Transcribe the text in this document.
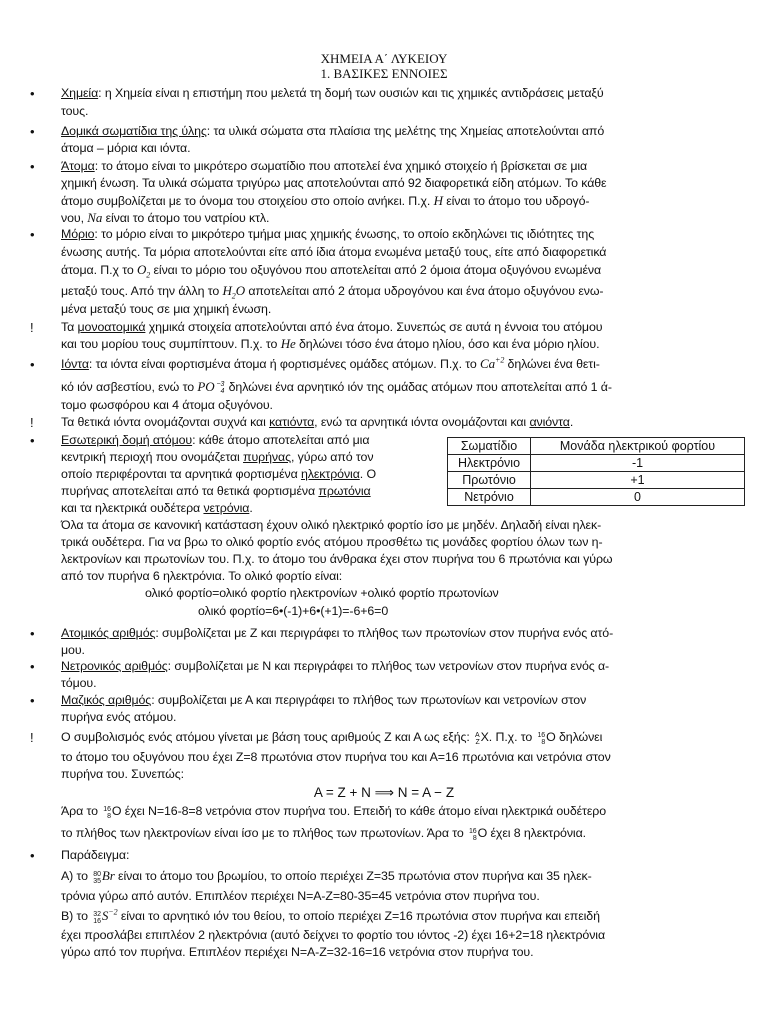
ΧΗΜΕΙΑ Α΄ ΛΥΚΕΙΟΥ
1. ΒΑΣΙΚΕΣ ΕΝΝΟΙΕΣ
• Χημεία: η Χημεία είναι η επιστήμη που μελετά τη δομή των ουσιών και τις χημικές αντιδράσεις μεταξύ
τους.
• Δομικά σωματίδια της ύλης: τα υλικά σώματα στα πλαίσια της μελέτης της Χημείας αποτελούνται από
άτομα – μόρια και ιόντα.
• Άτομα: το άτομο είναι το μικρότερο σωματίδιο που αποτελεί ένα χημικό στοιχείο ή βρίσκεται σε μια
χημική ένωση. Τα υλικά σώματα τριγύρω μας αποτελούνται από 92 διαφορετικά είδη ατόμων. Το κάθε
άτομο συμβολίζεται με το όνομα του στοιχείου στο οποίο ανήκει. Π.χ. H είναι το άτομο του υδρογό-
νου, Na είναι το άτομο του νατρίου κτλ.
• Μόριο: το μόριο είναι το μικρότερο τμήμα μιας χημικής ένωσης, το οποίο εκδηλώνει τις ιδιότητες της
ένωσης αυτής. Τα μόρια αποτελούνται είτε από ίδια άτομα ενωμένα μεταξύ τους, είτε από διαφορετικά
άτομα. Π.χ το $O_2$ είναι το μόριο του οξυγόνου που αποτελείται από 2 όμοια άτομα οξυγόνου ενωμένα
μεταξύ τους. Από την άλλη το $H_2O$ αποτελείται από 2 άτομα υδρογόνου και ένα άτομο οξυγόνου ενω-
μένα μεταξύ τους σε μια χημική ένωση.
! Τα μονοατομικά χημικά στοιχεία αποτελούνται από ένα άτομο. Συνεπώς σε αυτά η έννοια του ατόμου
και του μορίου τους συμπίπτουν. Π.χ. το He δηλώνει τόσο ένα άτομο ηλίου, όσο και ένα μόριο ηλίου.
• Ιόντα: τα ιόντα είναι φορτισμένα άτομα ή φορτισμένες ομάδες ατόμων. Π.χ. το $Ca^{+2}$ δηλώνει ένα θετι-
κό ιόν ασβεστίου, ενώ το PO −3
4 δηλώνει ένα αρνητικό ιόν της ομάδας ατόμων που αποτελείται από 1 ά-
τομο φωσφόρου και 4 άτομα οξυγόνου.
! Τα θετικά ιόντα ονομάζονται συχνά και κατιόντα, ενώ τα αρνητικά ιόντα ονομάζονται και ανιόντα.
• Εσωτερική δομή ατόμου: κάθε άτομο αποτελείται από μια
κεντρική περιοχή που ονομάζεται πυρήνας, γύρω από τον
οποίο περιφέρονται τα αρνητικά φορτισμένα ηλεκτρόνια. Ο
πυρήνας αποτελείται από τα θετικά φορτισμένα πρωτόνια
και τα ηλεκτρικά ουδέτερα νετρόνια.
Σωματίδιο	Μονάδα ηλεκτρικού φορτίου
Ηλεκτρόνιο	-1
Πρωτόνιο	+1
Νετρόνιο	0
Όλα τα άτομα σε κανονική κατάσταση έχουν ολικό ηλεκτρικό φορτίο ίσο με μηδέν. Δηλαδή είναι ηλεκ-
τρικά ουδέτερα. Για να βρω το ολικό φορτίο ενός ατόμου προσθέτω τις μονάδες φορτίου όλων των η-
λεκτρονίων και πρωτονίων του. Π.χ. το άτομο του άνθρακα έχει στον πυρήνα του 6 πρωτόνια και γύρω
από τον πυρήνα 6 ηλεκτρόνια. Το ολικό φορτίο είναι:
ολικό φορτίο=ολικό φορτίο ηλεκτρονίων +ολικό φορτίο πρωτονίων
ολικό φορτίο=6•(-1)+6•(+1)=-6+6=0
• Ατομικός αριθμός: συμβολίζεται με Ζ και περιγράφει το πλήθος των πρωτονίων στον πυρήνα ενός ατό-
μου.
• Νετρονικός αριθμός: συμβολίζεται με Ν και περιγράφει το πλήθος των νετρονίων στον πυρήνα ενός α-
τόμου.
• Μαζικός αριθμός: συμβολίζεται με Α και περιγράφει το πλήθος των πρωτονίων και νετρονίων στον
πυρήνα ενός ατόμου.
! Ο συμβολισμός ενός ατόμου γίνεται με βάση τους αριθμούς Ζ και Α ως εξής: A
ZX. Π.χ. το 16
8O δηλώνει
το άτομο του οξυγόνου που έχει Ζ=8 πρωτόνια στον πυρήνα του και Α=16 πρωτόνια και νετρόνια στον
πυρήνα του. Συνεπώς:
A = Z + N ⟹ N = A − Z
Άρα το 16
8O έχει Ν=16-8=8 νετρόνια στον πυρήνα του. Επειδή το κάθε άτομο είναι ηλεκτρικά ουδέτερο
το πλήθος των ηλεκτρονίων είναι ίσο με το πλήθος των πρωτονίων. Άρα το 16
8O έχει 8 ηλεκτρόνια.
• Παράδειγμα:
Α) το 80
35Br είναι το άτομο του βρωμίου, το οποίο περιέχει Ζ=35 πρωτόνια στον πυρήνα και 35 ηλεκ-
τρόνια γύρω από αυτόν. Επιπλέον περιέχει Ν=Α-Ζ=80-35=45 νετρόνια στον πυρήνα του.
Β) το 32
$16S^{-2}$ είναι το αρνητικό ιόν του θείου, το οποίο περιέχει Ζ=16 πρωτόνια στον πυρήνα και επειδή
έχει προσλάβει επιπλέον 2 ηλεκτρόνια (αυτό δείχνει το φορτίο του ιόντος -2) έχει 16+2=18 ηλεκτρόνια
γύρω από τον πυρήνα. Επιπλέον περιέχει Ν=Α-Ζ=32-16=16 νετρόνια στον πυρήνα του.
